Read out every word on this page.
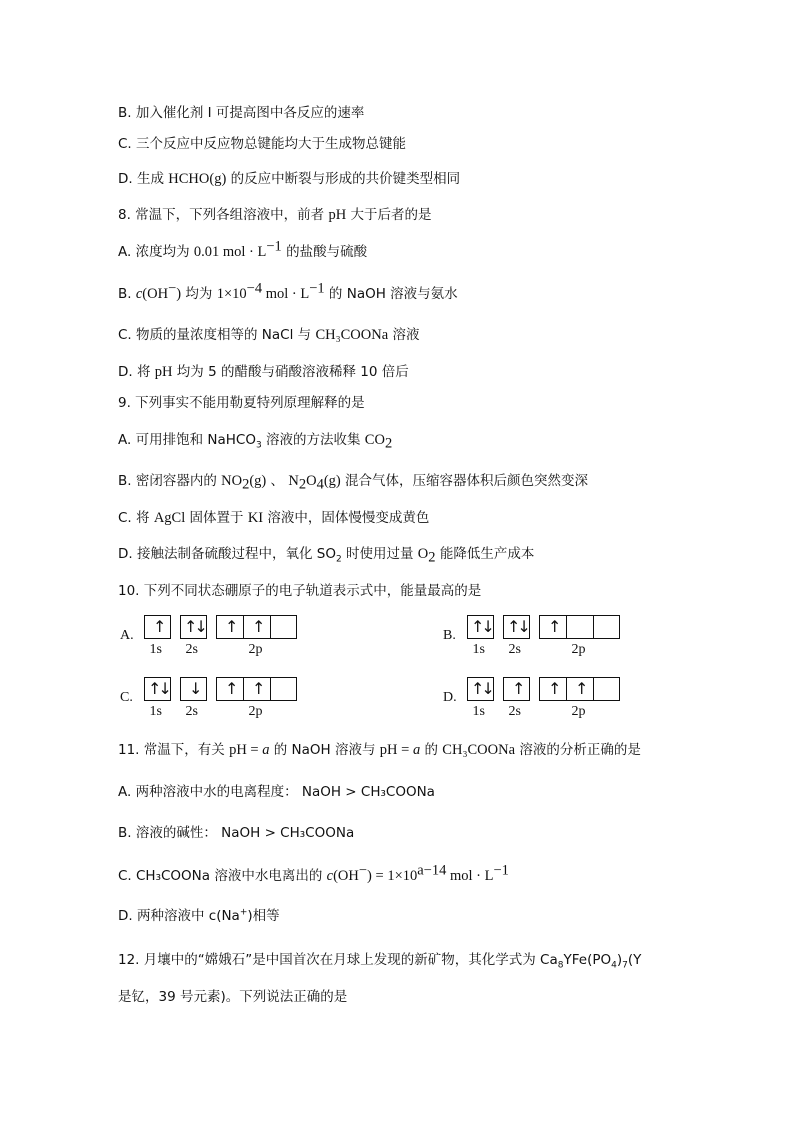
B. 加入催化剂 I 可提高图中各反应的速率
C. 三个反应中反应物总键能均大于生成物总键能
D. 生成 HCHO(g) 的反应中断裂与形成的共价键类型相同
8. 常温下，下列各组溶液中，前者 pH 大于后者的是
A. 浓度均为 0.01 mol · $L^{-1}$ 的盐酸与硫酸
B. c(OH−) 均为 $1\times 10^{-4}$ mol · $L^{-1}$ 的 NaOH 溶液与氨水
C. 物质的量浓度相等的 NaCl 与 CH₃COONa 溶液
D. 将 pH 均为 5 的醋酸与硝酸溶液稀释 10 倍后
9. 下列事实不能用勒夏特列原理解释的是
A. 可用排饱和 NaHCO$_3$ 溶液的方法收集 $CO_2$
B. 密闭容器内的 $NO_2(g)$ 、 $N_2O_4(g)$ 混合气体，压缩容器体积后颜色突然变深
C. 将 AgCl 固体置于 KI 溶液中，固体慢慢变成黄色
D. 接触法制备硫酸过程中，氧化 $SO_2$ 时使用过量 $O_2$ 能降低生产成本
10. 下列不同状态硼原子的电子轨道表示式中，能量最高的是
A. ↑
1s
↑↓
2s
↑ ↑
2p
B. ↑↓
1s
↑↓
2s
↑
2p
C. ↑↓
1s
↓
2s
↑ ↑
2p
D. ↑↓
1s
↑
2s
↑ ↑
2p
11. 常温下，有关 pH = a 的 NaOH 溶液与 pH = a 的 CH₃COONa 溶液的分析正确的是
A. 两种溶液中水的电离程度： NaOH > CH₃COONa
B. 溶液的碱性： NaOH > CH₃COONa
C. CH₃COONa 溶液中水电离出的 $c(OH^-) = 1\times 10^{a-14}$ mol · $L^{-1}$
D. 两种溶液中 c(Na+)相等
12. 月壤中的“嫦娥石”是中国首次在月球上发现的新矿物，其化学式为 $Ca_8YFe(PO_4)_7(Y$
是钇，39 号元素)。下列说法正确的是
